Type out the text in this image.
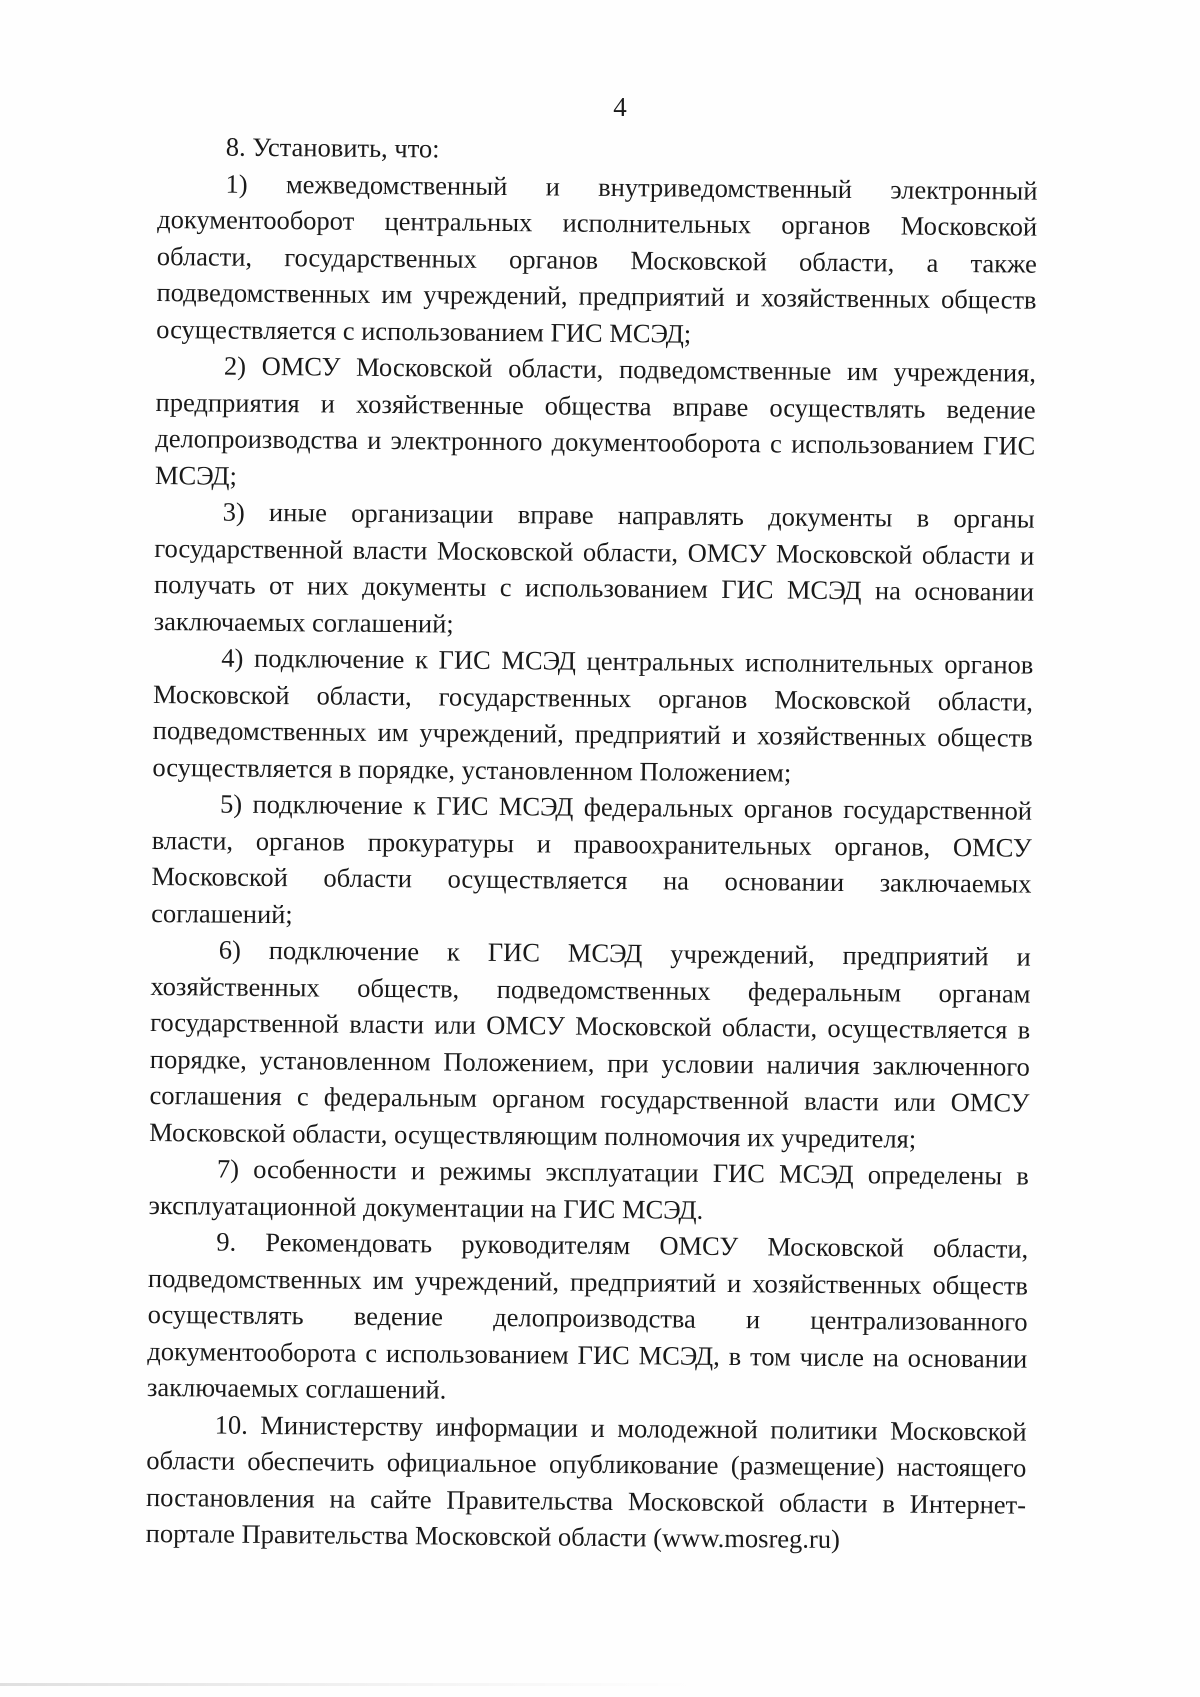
4

8. Установить, что:

1) межведомственный и внутриведомственный электронный документооборот центральных исполнительных органов Московской области, государственных органов Московской области, а также подведомственных им учреждений, предприятий и хозяйственных обществ осуществляется с использованием ГИС МСЭД;

2) ОМСУ Московской области, подведомственные им учреждения, предприятия и хозяйственные общества вправе осуществлять ведение делопроизводства и электронного документооборота с использованием ГИС МСЭД;

3) иные организации вправе направлять документы в органы государственной власти Московской области, ОМСУ Московской области и получать от них документы с использованием ГИС МСЭД на основании заключаемых соглашений;

4) подключение к ГИС МСЭД центральных исполнительных органов Московской области, государственных органов Московской области, подведомственных им учреждений, предприятий и хозяйственных обществ осуществляется в порядке, установленном Положением;

5) подключение к ГИС МСЭД федеральных органов государственной власти, органов прокуратуры и правоохранительных органов, ОМСУ Московской области осуществляется на основании заключаемых соглашений;

6) подключение к ГИС МСЭД учреждений, предприятий и хозяйственных обществ, подведомственных федеральным органам государственной власти или ОМСУ Московской области, осуществляется в порядке, установленном Положением, при условии наличия заключенного соглашения с федеральным органом государственной власти или ОМСУ Московской области, осуществляющим полномочия их учредителя;

7) особенности и режимы эксплуатации ГИС МСЭД определены в эксплуатационной документации на ГИС МСЭД.

9. Рекомендовать руководителям ОМСУ Московской области, подведомственных им учреждений, предприятий и хозяйственных обществ осуществлять ведение делопроизводства и централизованного документооборота с использованием ГИС МСЭД, в том числе на основании заключаемых соглашений.

10. Министерству информации и молодежной политики Московской области обеспечить официальное опубликование (размещение) настоящего постановления на сайте Правительства Московской области в Интернет-портале Правительства Московской области (www.mosreg.ru)
